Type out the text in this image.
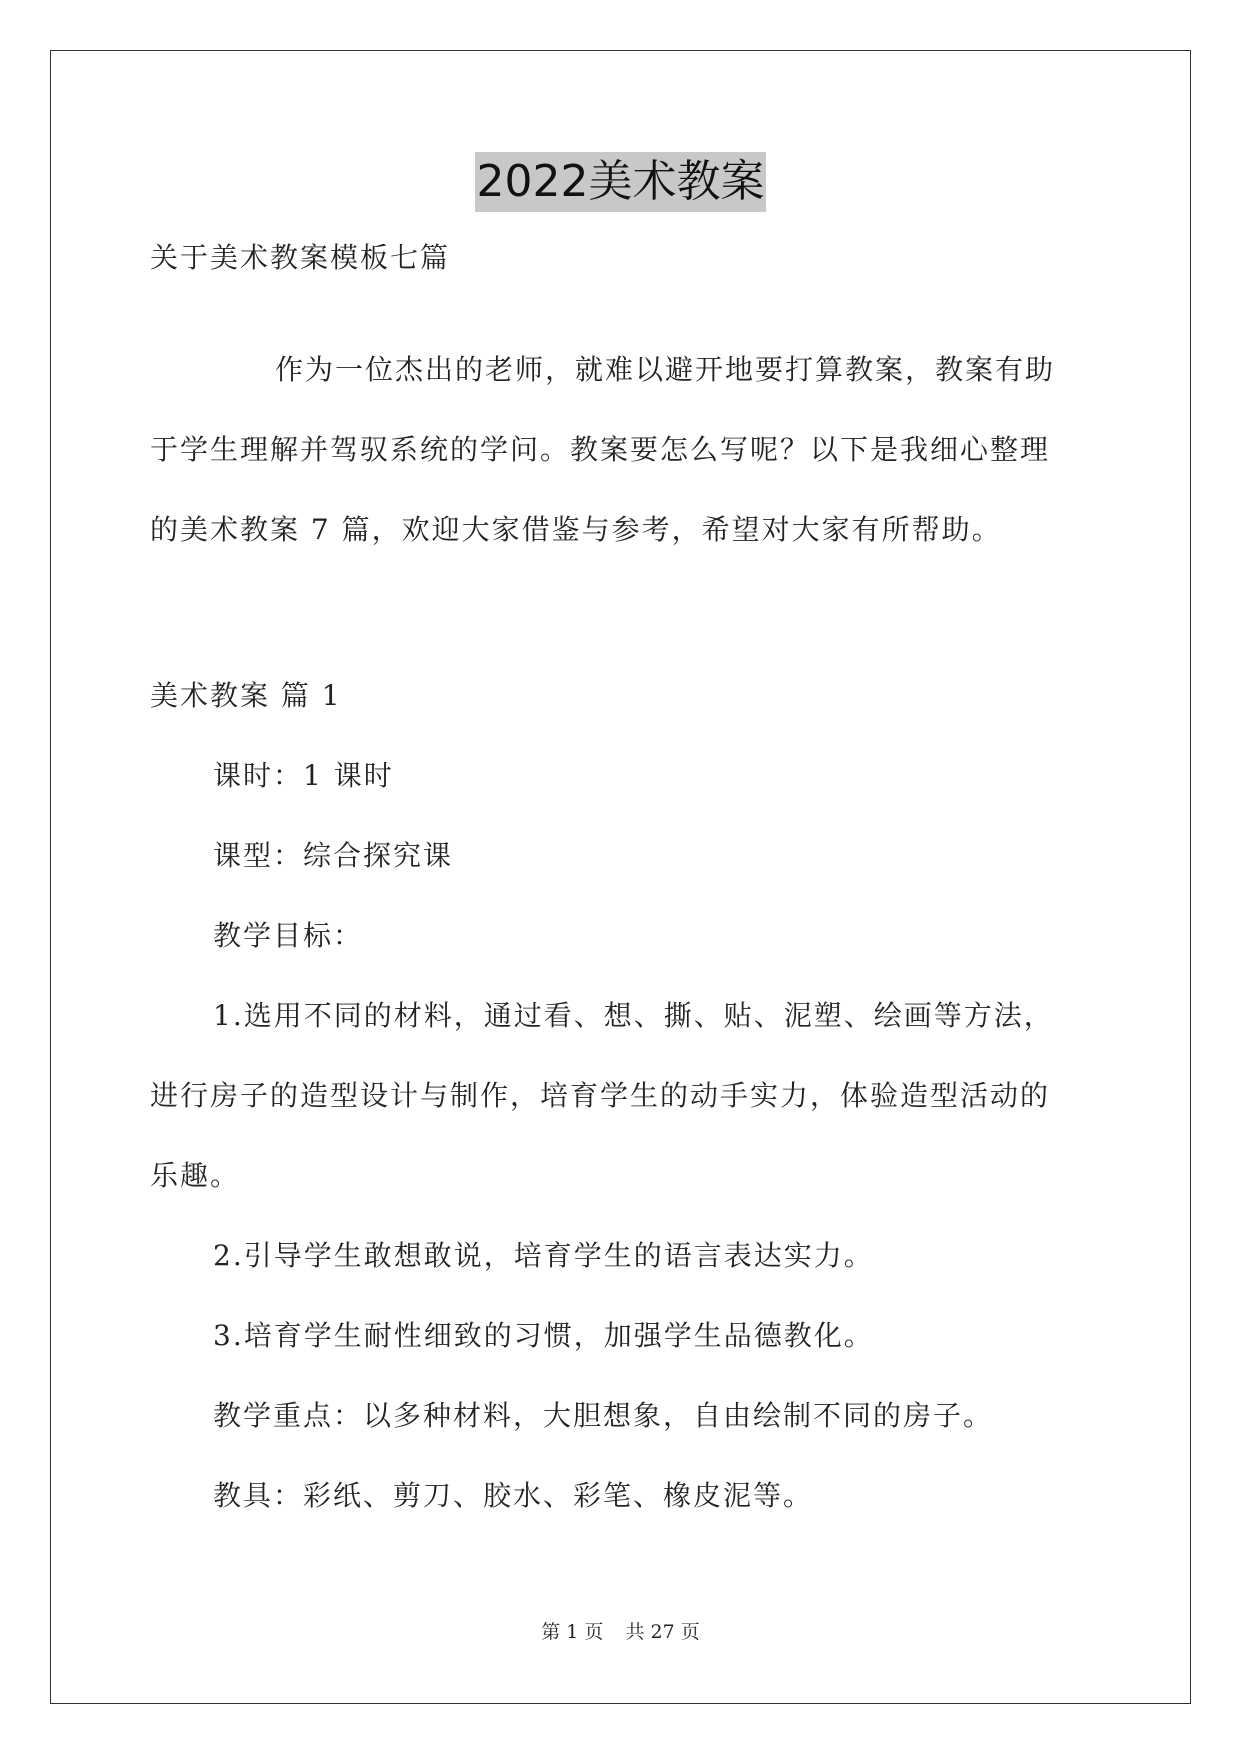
2022美术教案
关于美术教案模板七篇
作为一位杰出的老师，就难以避开地要打算教案，教案有助
于学生理解并驾驭系统的学问。教案要怎么写呢？以下是我细心整理
的美术教案 7 篇，欢迎大家借鉴与参考，希望对大家有所帮助。
美术教案 篇 1
课时：1 课时
课型：综合探究课
教学目标：
1.选用不同的材料，通过看、想、撕、贴、泥塑、绘画等方法，
进行房子的造型设计与制作，培育学生的动手实力，体验造型活动的
乐趣。
2.引导学生敢想敢说，培育学生的语言表达实力。
3.培育学生耐性细致的习惯，加强学生品德教化。
教学重点：以多种材料，大胆想象，自由绘制不同的房子。
教具：彩纸、剪刀、胶水、彩笔、橡皮泥等。
第 1 页 共 27 页
